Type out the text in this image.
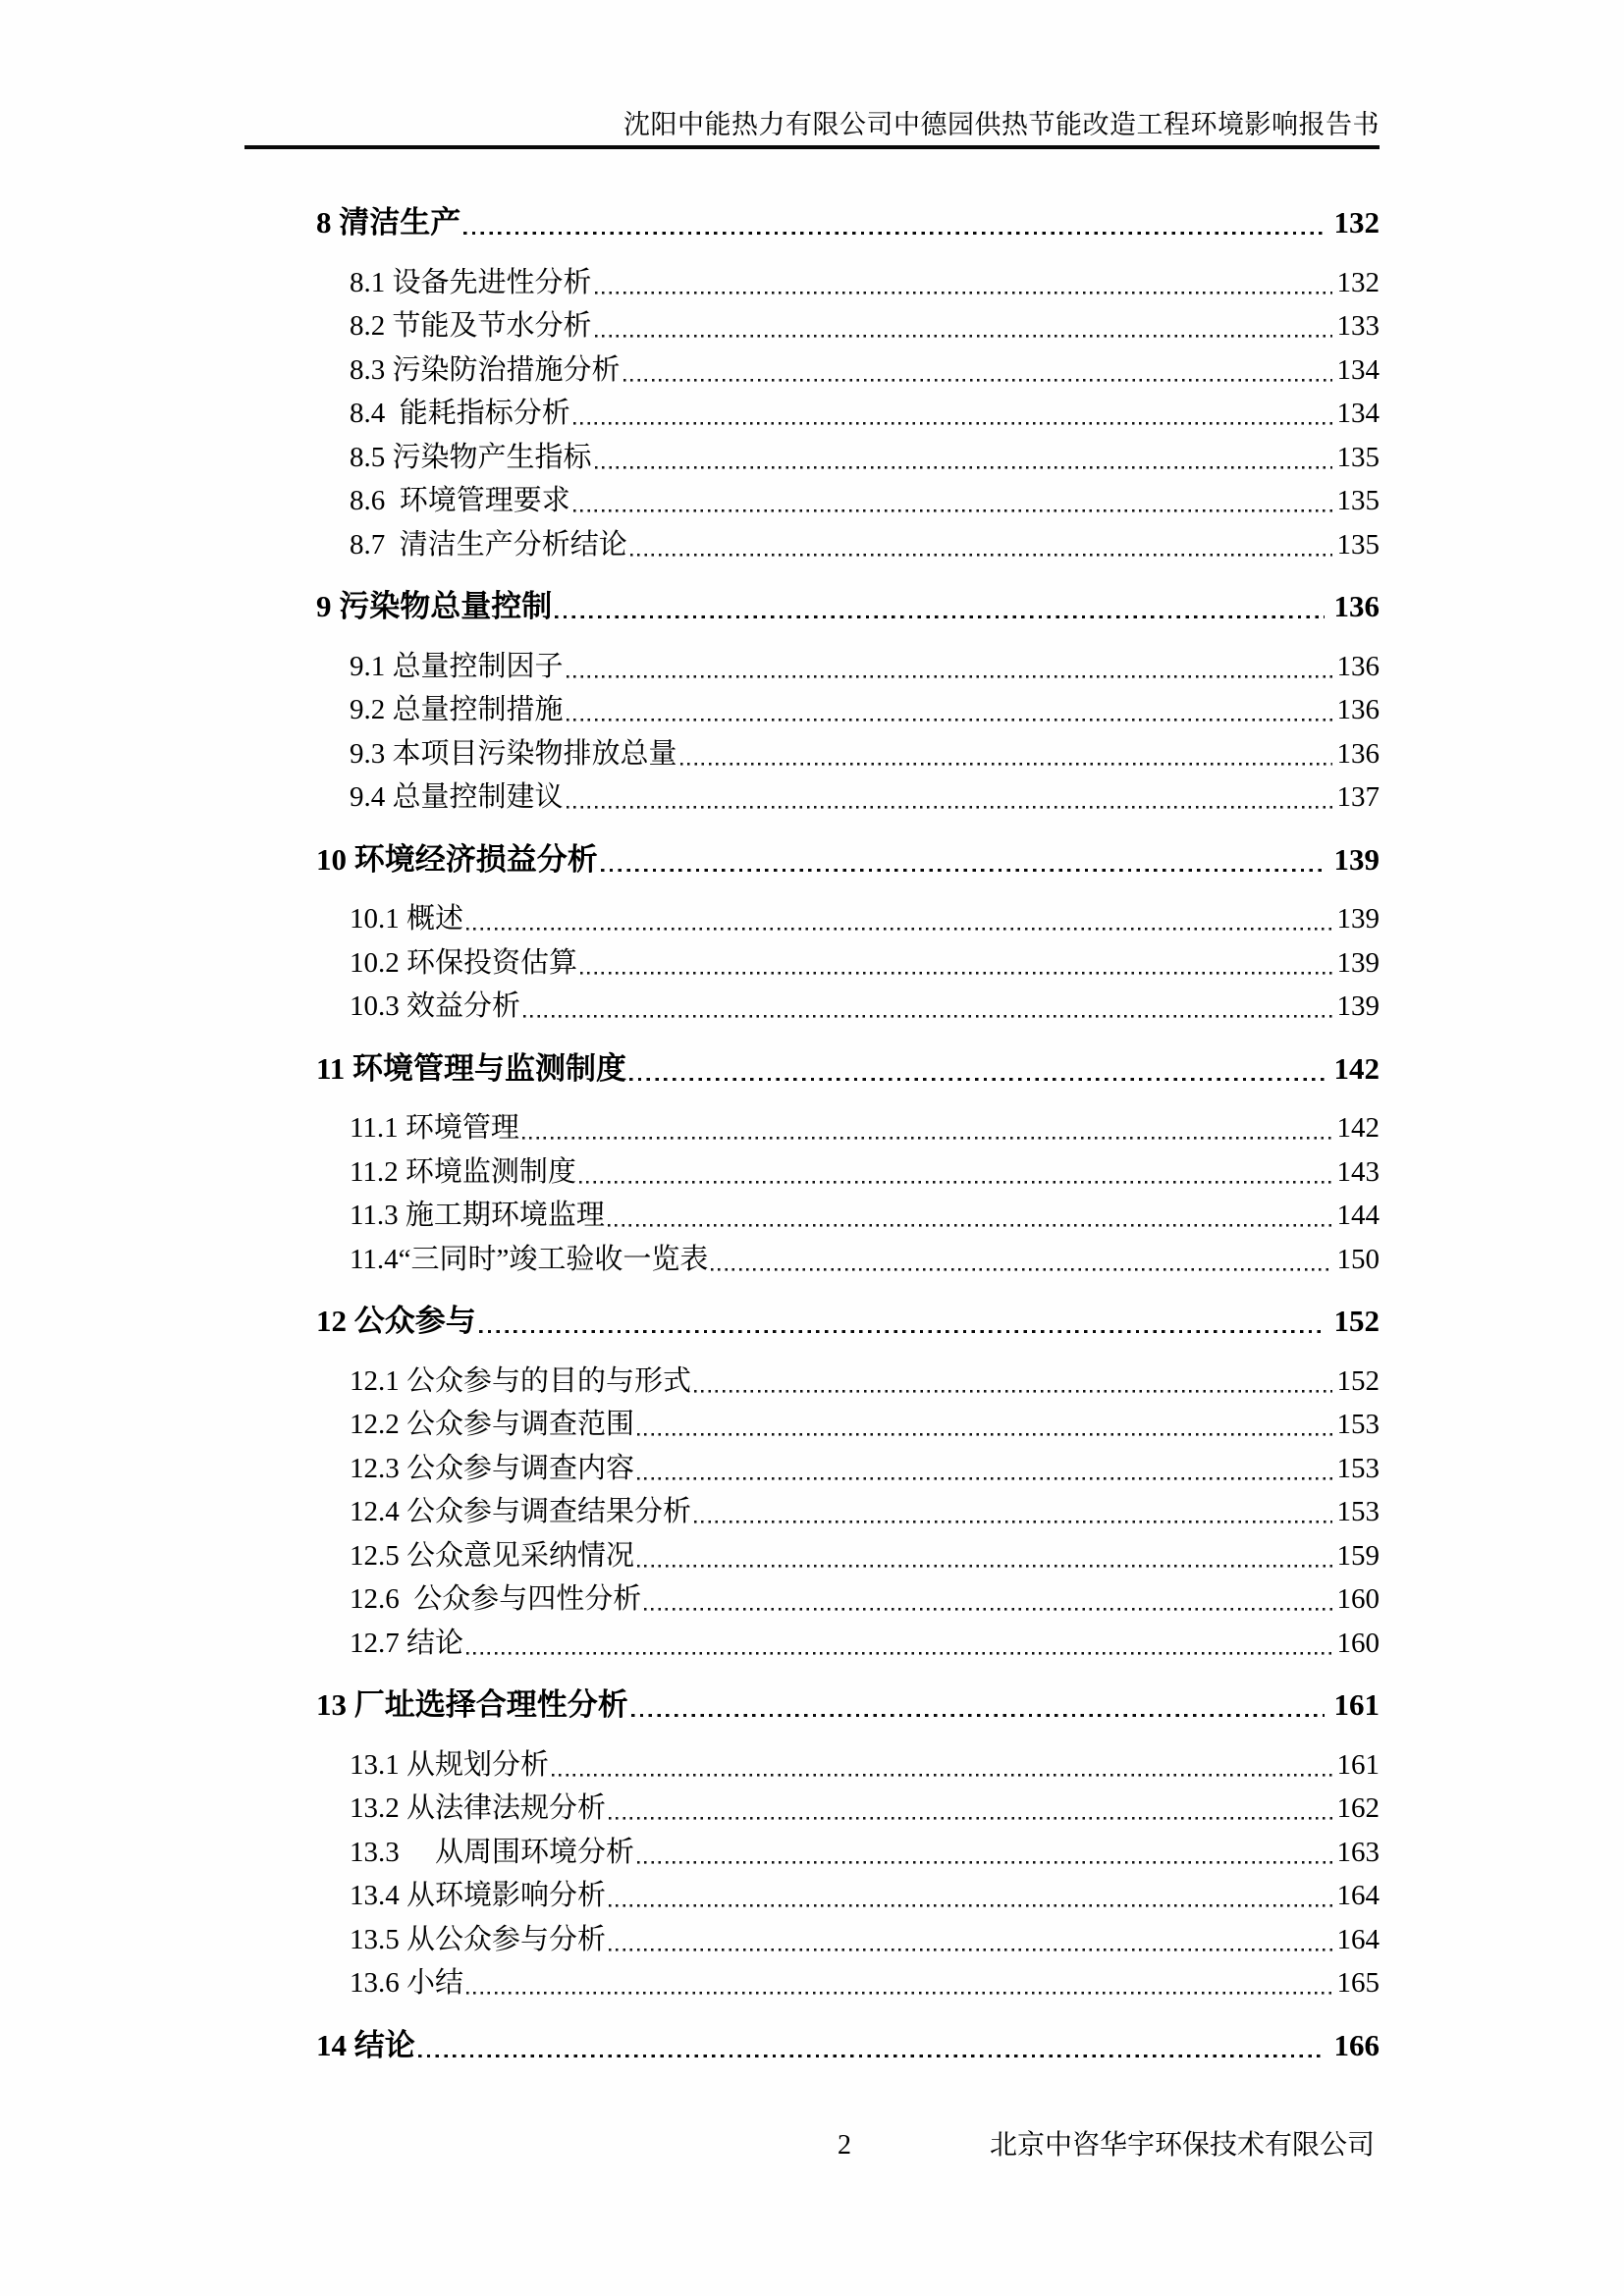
沈阳中能热力有限公司中德园供热节能改造工程环境影响报告书
8 清洁生产	132
8.1 设备先进性分析	132
8.2 节能及节水分析	133
8.3 污染防治措施分析	134
8.4  能耗指标分析	134
8.5 污染物产生指标	135
8.6  环境管理要求	135
8.7  清洁生产分析结论	135
9 污染物总量控制	136
9.1 总量控制因子	136
9.2 总量控制措施	136
9.3 本项目污染物排放总量	136
9.4 总量控制建议	137
10 环境经济损益分析	139
10.1 概述	139
10.2 环保投资估算	139
10.3 效益分析	139
11 环境管理与监测制度	142
11.1 环境管理	142
11.2 环境监测制度	143
11.3 施工期环境监理	144
11.4“三同时”竣工验收一览表	150
12 公众参与	152
12.1 公众参与的目的与形式	152
12.2 公众参与调查范围	153
12.3 公众参与调查内容	153
12.4 公众参与调查结果分析	153
12.5 公众意见采纳情况	159
12.6  公众参与四性分析	160
12.7 结论	160
13 厂址选择合理性分析	161
13.1 从规划分析	161
13.2 从法律法规分析	162
13.3 　从周围环境分析	163
13.4 从环境影响分析	164
13.5 从公众参与分析	164
13.6 小结	165
14 结论	166
2	北京中咨华宇环保技术有限公司
